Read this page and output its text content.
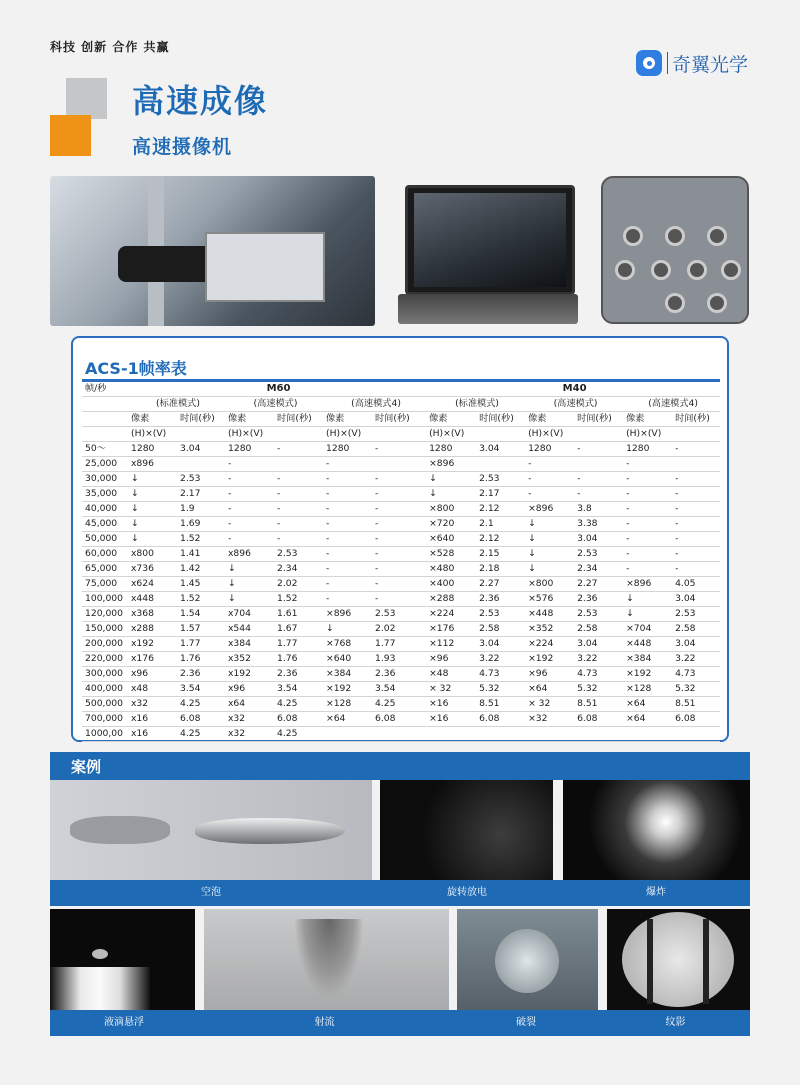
科技 创新 合作 共赢
奇翼光学
高速成像
高速摄像机
ACS-1帧率表
帧/秒	M60						M40					
	(标准模式)		(高速模式)		(高速模式4)		(标准模式)		(高速模式)		(高速模式4)	
	像素	时间(秒)	像素	时间(秒)	像素	时间(秒)	像素	时间(秒)	像素	时间(秒)	像素	时间(秒)
	(H)×(V)		(H)×(V)		(H)×(V)		(H)×(V)		(H)×(V)		(H)×(V)	
50～	1280	3.04	1280	-	1280	-	1280	3.04	1280	-	1280	-
25,000	x896		-		-		×896		-		-	
30,000	↓	2.53	-	-	-	-	↓	2.53	-	-	-	-
35,000	↓	2.17	-	-	-	-	↓	2.17	-	-	-	-
40,000	↓	1.9	-	-	-	-	×800	2.12	×896	3.8	-	-
45,000	↓	1.69	-	-	-	-	×720	2.1	↓	3.38	-	-
50,000	↓	1.52	-	-	-	-	×640	2.12	↓	3.04	-	-
60,000	x800	1.41	x896	2.53	-	-	×528	2.15	↓	2.53	-	-
65,000	x736	1.42	↓	2.34	-	-	×480	2.18	↓	2.34	-	-
75,000	x624	1.45	↓	2.02	-	-	×400	2.27	×800	2.27	×896	4.05
100,000	x448	1.52	↓	1.52	-	-	×288	2.36	×576	2.36	↓	3.04
120,000	x368	1.54	x704	1.61	×896	2.53	×224	2.53	×448	2.53	↓	2.53
150,000	x288	1.57	x544	1.67	↓	2.02	×176	2.58	×352	2.58	×704	2.58
200,000	x192	1.77	x384	1.77	×768	1.77	×112	3.04	×224	3.04	×448	3.04
220,000	x176	1.76	x352	1.76	×640	1.93	×96	3.22	×192	3.22	×384	3.22
300,000	x96	2.36	x192	2.36	×384	2.36	×48	4.73	×96	4.73	×192	4.73
400,000	x48	3.54	x96	3.54	×192	3.54	× 32	5.32	×64	5.32	×128	5.32
500,000	x32	4.25	x64	4.25	×128	4.25	×16	8.51	× 32	8.51	×64	8.51
700,000	x16	6.08	x32	6.08	×64	6.08	×16	6.08	×32	6.08	×64	6.08
1000,00	x16	4.25	x32	4.25								
案例
空泡	旋转放电	爆炸
液滴悬浮	射流	破裂	纹影
